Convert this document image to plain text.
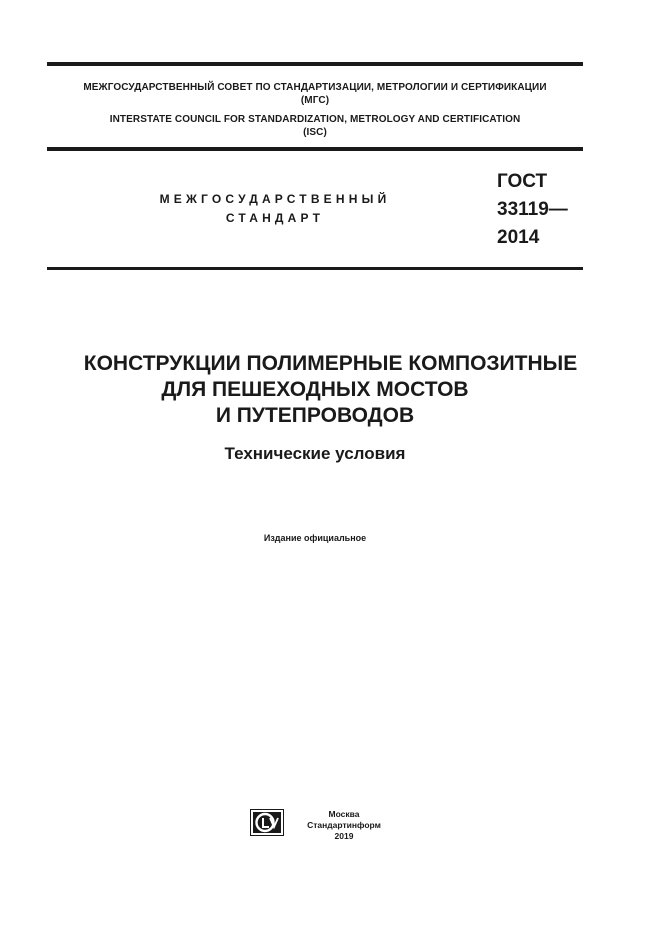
МЕЖГОСУДАРСТВЕННЫЙ СОВЕТ ПО СТАНДАРТИЗАЦИИ, МЕТРОЛОГИИ И СЕРТИФИКАЦИИ
(МГС)
INTERSTATE COUNCIL FOR STANDARDIZATION, METROLOGY AND CERTIFICATION
(ISC)
МЕЖГОСУДАРСТВЕННЫЙ
СТАНДАРТ
ГОСТ
33119—
2014
КОНСТРУКЦИИ ПОЛИМЕРНЫЕ КОМПОЗИТНЫЕ
ДЛЯ ПЕШЕХОДНЫХ МОСТОВ
И ПУТЕПРОВОДОВ
Технические условия
Издание официальное
Москва
Стандартинформ
2019
